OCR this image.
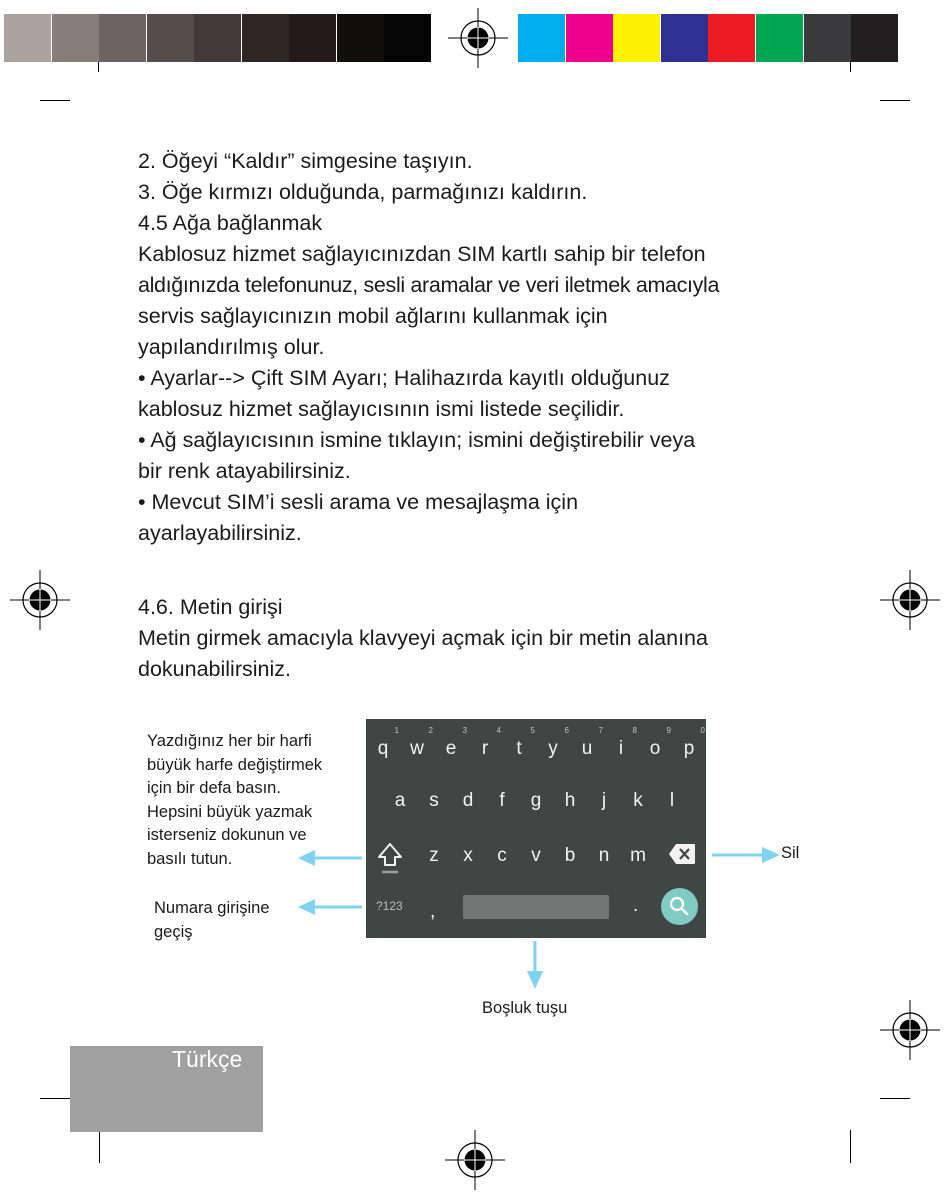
2. Öğeyi “Kaldır” simgesine taşıyın.
3. Öğe kırmızı olduğunda, parmağınızı kaldırın.
4.5 Ağa bağlanmak
Kablosuz hizmet sağlayıcınızdan SIM kartlı sahip bir telefon
aldığınızda telefonunuz, sesli aramalar ve veri iletmek amacıyla
servis sağlayıcınızın mobil ağlarını kullanmak için
yapılandırılmış olur.
• Ayarlar--> Çift SIM Ayarı; Halihazırda kayıtlı olduğunuz
kablosuz hizmet sağlayıcısının ismi listede seçilidir.
• Ağ sağlayıcısının ismine tıklayın; ismini değiştirebilir veya
bir renk atayabilirsiniz.
• Mevcut SIM’i sesli arama ve mesajlaşma için
ayarlayabilirsiniz.
4.6. Metin girişi
Metin girmek amacıyla klavyeyi açmak için bir metin alanına
dokunabilirsiniz.
Yazdığınız her bir harfi
büyük harfe değiştirmek
için bir defa basın.
Hepsini büyük yazmak
isterseniz dokunun ve
basılı tutun.
Numara girişine
geçiş
Sil
Boşluk tuşu
1
q
2
w
3
e
4
r
5
t
6
y
7
u
8
i
9
o
0
p
a	s	d	f	g	h	j	k	l
z	x	c	v	b	n	m
?123 ,	.
Türkçe
